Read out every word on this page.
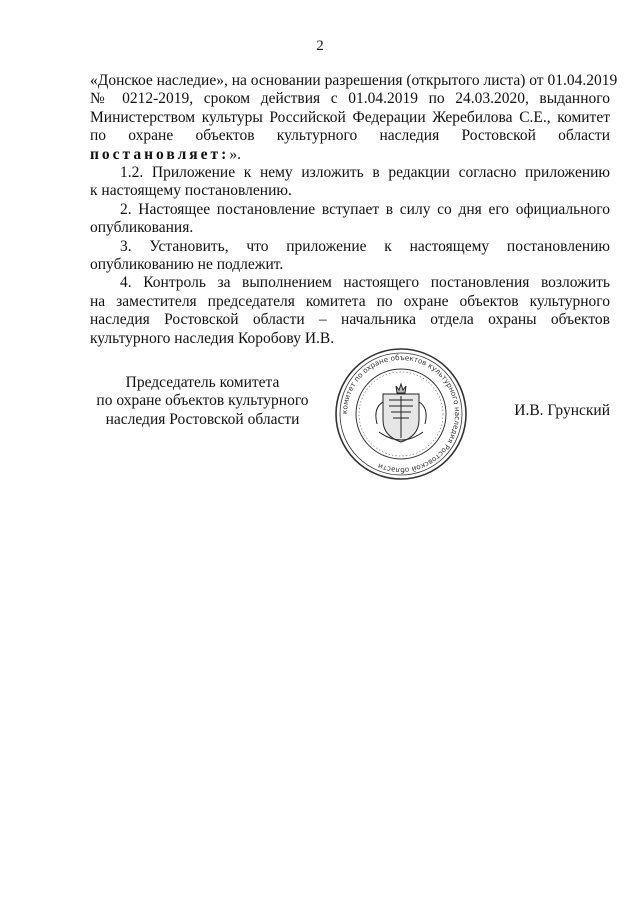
2
«Донское наследие», на основании разрешения (открытого листа) от 01.04.2019
№ 0212-2019, сроком действия с 01.04.2019 по 24.03.2020, выданного
Министерством культуры Российской Федерации Жеребилова С.Е., комитет
по охране объектов культурного наследия Ростовской области
постановляет:».
1.2. Приложение к нему изложить в редакции согласно приложению
к настоящему постановлению.
2. Настоящее постановление вступает в силу со дня его официального
опубликования.
3. Установить, что приложение к настоящему постановлению
опубликованию не подлежит.
4. Контроль за выполнением настоящего постановления возложить
на заместителя председателя комитета по охране объектов культурного
наследия Ростовской области – начальника отдела охраны объектов
культурного наследия Коробову И.В.
Председатель комитета
по охране объектов культурного
наследия Ростовской области	комитет по охране объектов культурного наследия Ростовской области
И.В. Грунский
